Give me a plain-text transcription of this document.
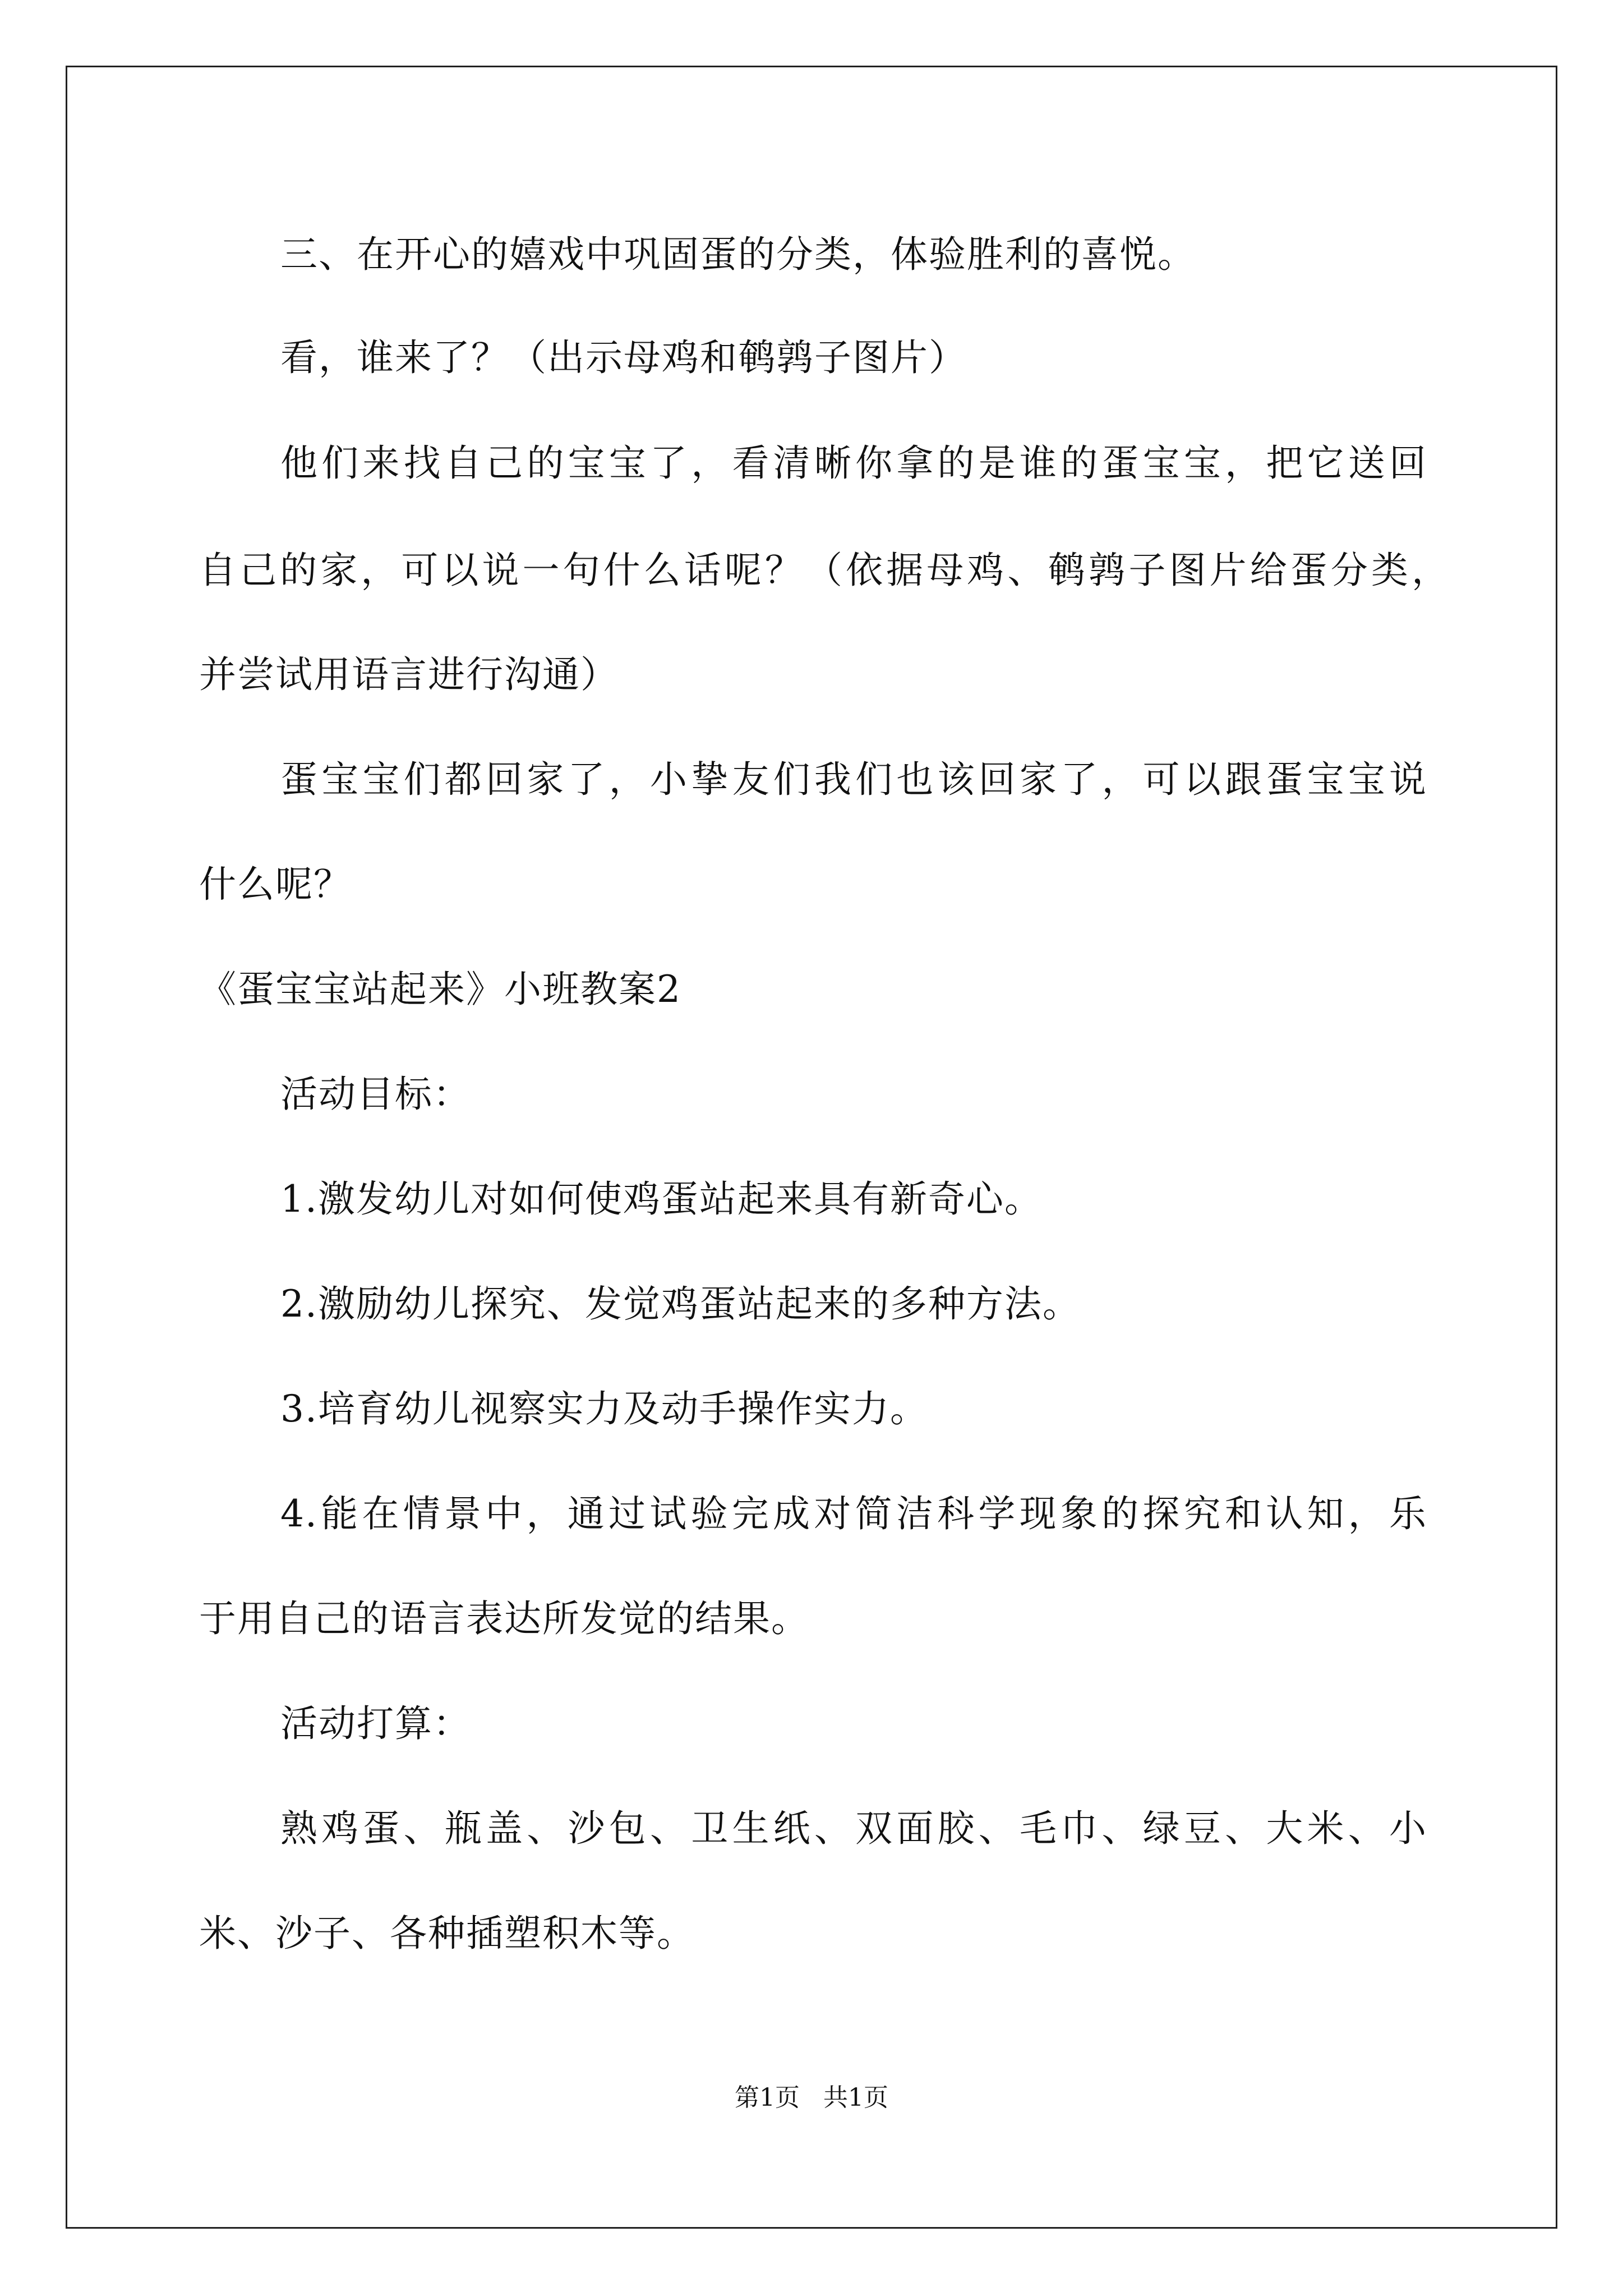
三、在开心的嬉戏中巩固蛋的分类，体验胜利的喜悦。
看，谁来了？（出示母鸡和鹌鹑子图片）
他们来找自己的宝宝了，看清晰你拿的是谁的蛋宝宝，把它送回
自己的家，可以说一句什么话呢？（依据母鸡、鹌鹑子图片给蛋分类，
并尝试用语言进行沟通）
蛋宝宝们都回家了，小挚友们我们也该回家了，可以跟蛋宝宝说
什么呢？
《蛋宝宝站起来》小班教案2
活动目标：
1.激发幼儿对如何使鸡蛋站起来具有新奇心。
2.激励幼儿探究、发觉鸡蛋站起来的多种方法。
3.培育幼儿视察实力及动手操作实力。
4.能在情景中，通过试验完成对简洁科学现象的探究和认知，乐
于用自己的语言表达所发觉的结果。
活动打算：
熟鸡蛋、瓶盖、沙包、卫生纸、双面胶、毛巾、绿豆、大米、小
米、沙子、各种插塑积木等。
第1页   共1页
